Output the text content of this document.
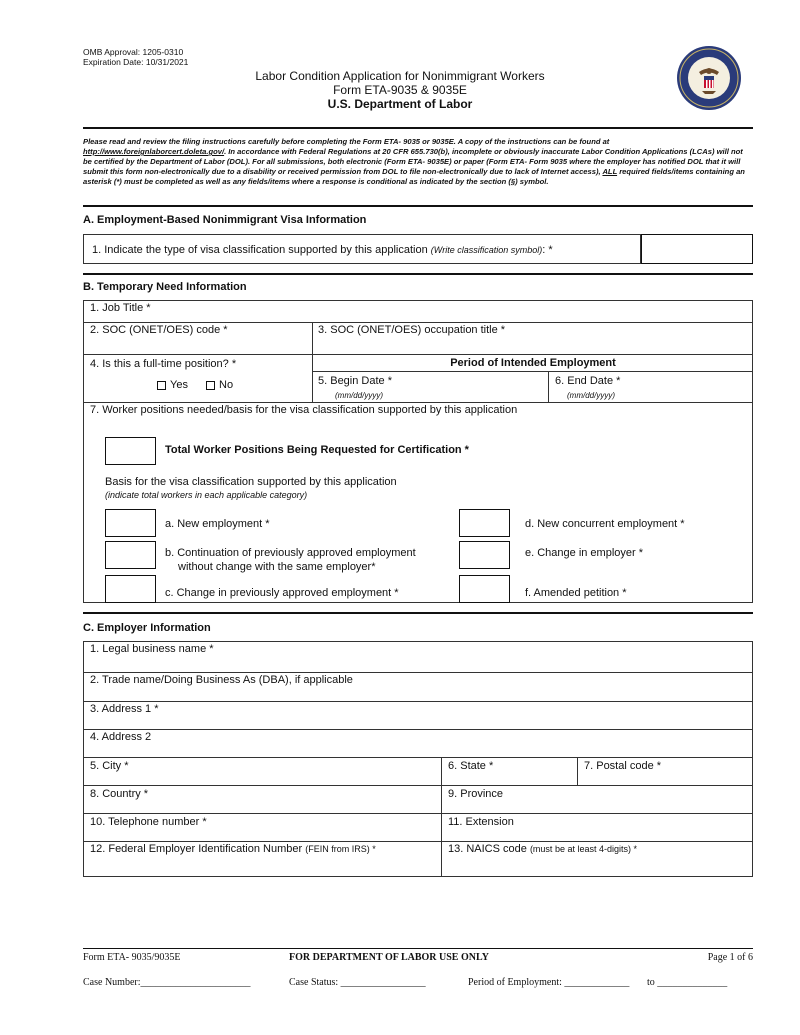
OMB Approval: 1205-0310
Expiration Date: 10/31/2021
Labor Condition Application for Nonimmigrant Workers
Form ETA-9035 & 9035E
U.S. Department of Labor
Please read and review the filing instructions carefully before completing the Form ETA- 9035 or 9035E. A copy of the instructions can be found at http://www.foreignlaborcert.doleta.gov/. In accordance with Federal Regulations at 20 CFR 655.730(b), incomplete or obviously inaccurate Labor Condition Applications (LCAs) will not be certified by the Department of Labor (DOL). For all submissions, both electronic (Form ETA- 9035E) or paper (Form ETA- Form 9035 where the employer has notified DOL that it will submit this form non-electronically due to a disability or received permission from DOL to file non-electronically due to lack of Internet access), ALL required fields/items containing an asterisk (*) must be completed as well as any fields/items where a response is conditional as indicated by the section (§) symbol.
A. Employment-Based Nonimmigrant Visa Information
1. Indicate the type of visa classification supported by this application (Write classification symbol): *
B. Temporary Need Information
1. Job Title *
2. SOC (ONET/OES) code *	3. SOC (ONET/OES) occupation title *
4. Is this a full-time position? *
Yes	No
Period of Intended Employment
5. Begin Date *
(mm/dd/yyyy)
6. End Date *
(mm/dd/yyyy)
7. Worker positions needed/basis for the visa classification supported by this application
Total Worker Positions Being Requested for Certification *
Basis for the visa classification supported by this application
(indicate total workers in each applicable category)
a. New employment *
b. Continuation of previously approved employment
without change with the same employer*
c. Change in previously approved employment *
d. New concurrent employment *
e. Change in employer *
f. Amended petition *
C. Employer Information
1. Legal business name *
2. Trade name/Doing Business As (DBA), if applicable
3. Address 1 *
4. Address 2
5. City *	6. State *	7. Postal code *
8. Country *	9. Province
10. Telephone number *	11. Extension
12. Federal Employer Identification Number (FEIN from IRS) *	13. NAICS code (must be at least 4-digits) *
Form ETA- 9035/9035E	FOR DEPARTMENT OF LABOR USE ONLY	Page 1 of 6
Case Number:______________________	Case Status: _________________	Period of Employment: _____________ to ______________
